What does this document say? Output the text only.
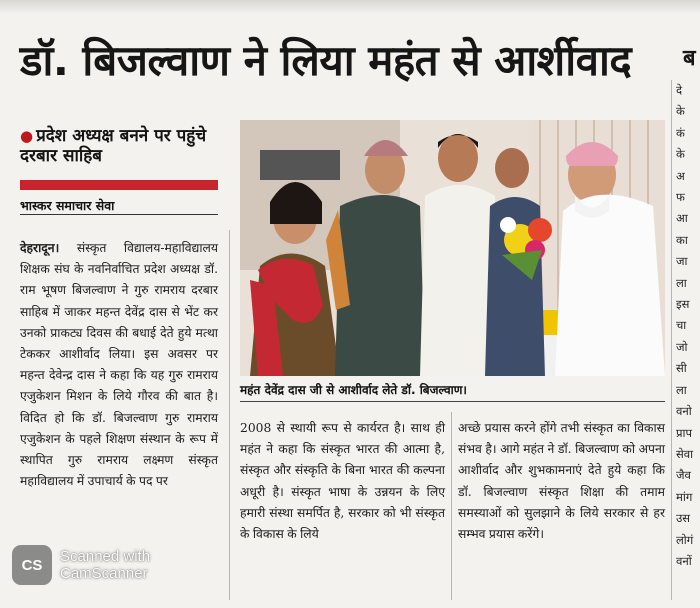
डॉ. बिजल्वाण ने लिया महंत से आर्शीवाद	ब
● प्रदेश अध्यक्ष बनने पर पहुंचे दरबार साहिब

भास्कर समाचार सेवा

देहरादून। संस्कृत विद्यालय-महाविद्यालय शिक्षक संघ के नवनिर्वाचित प्रदेश अध्यक्ष डॉ. राम भूषण बिजल्वाण ने गुरु रामराय दरबार साहिब में जाकर महन्त देवेंद्र दास से भेंट कर उनको प्राकट्य दिवस की बधाई देते हुये मत्था टेककर आशीर्वाद लिया। इस अवसर पर महन्त देवेन्द्र दास ने कहा कि यह गुरु रामराय एजुकेशन मिशन के लिये गौरव की बात है। विदित हो कि डॉ. बिजल्वाण गुरु रामराय एजुकेशन के पहले शिक्षण संस्थान के रूप में स्थापित गुरु रामराय लक्ष्मण संस्कृत महाविद्यालय में उपाचार्य के पद पर

महंत देवेंद्र दास जी से आशीर्वाद लेते डॉ. बिजल्वाण।

2008 से स्थायी रूप से कार्यरत है। साथ ही महंत ने कहा कि संस्कृत भारत की आत्मा है, संस्कृत और संस्कृति के बिना भारत की कल्पना अधूरी है। संस्कृत भाषा के उन्नयन के लिए हमारी संस्था समर्पित है, सरकार को भी संस्कृत के विकास के लिये

अच्छे प्रयास करने होंगे तभी संस्कृत का विकास संभव है। आगे महंत ने डॉ. बिजल्वाण को अपना आशीर्वाद और शुभकामनाएं देते हुये कहा कि डॉ. बिजल्वाण संस्कृत शिक्षा की तमाम समस्याओं को सुलझाने के लिये सरकार से हर सम्भव प्रयास करेंगे।

दे
के
कं
के
अ
फ
आ
का
जा
ला
इस
चा
जो
सी
ला
वनो
प्राप
सेवा
जैव
मांग
उस
लोगं
वनों
CS	Scanned with
CamScanner
